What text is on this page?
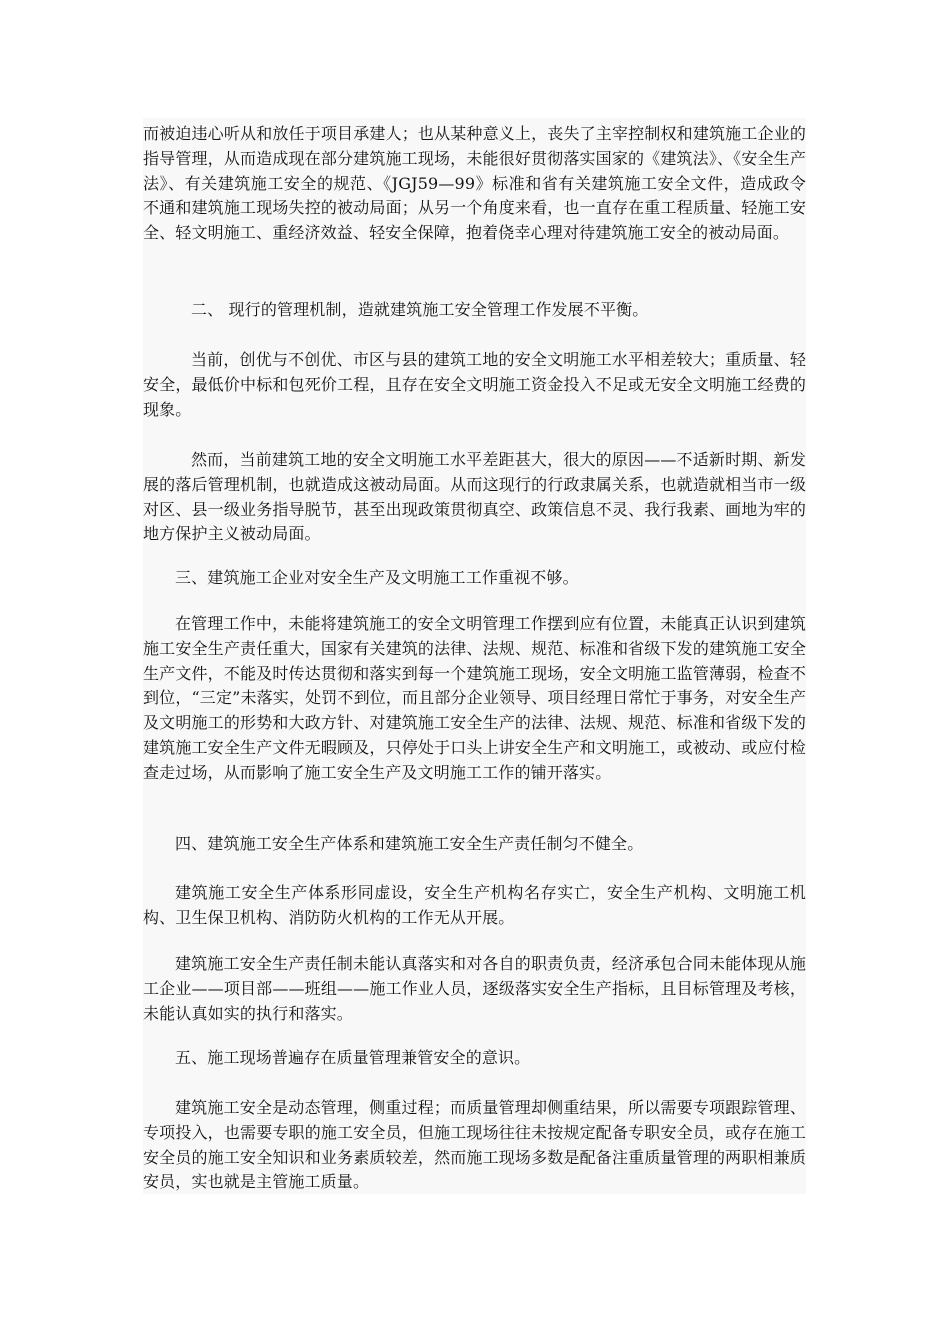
而被迫违心听从和放任于项目承建人；也从某种意义上，丧失了主宰控制权和建筑施工企业的指导管理，从而造成现在部分建筑施工现场，未能很好贯彻落实国家的《建筑法》、《安全生产法》、有关建筑施工安全的规范、《JGJ59—99》标准和省有关建筑施工安全文件，造成政令不通和建筑施工现场失控的被动局面；从另一个角度来看，也一直存在重工程质量、轻施工安全、轻文明施工、重经济效益、轻安全保障，抱着侥幸心理对待建筑施工安全的被动局面。

二、 现行的管理机制，造就建筑施工安全管理工作发展不平衡。

当前，创优与不创优、市区与县的建筑工地的安全文明施工水平相差较大；重质量、轻安全，最低价中标和包死价工程，且存在安全文明施工资金投入不足或无安全文明施工经费的现象。

然而，当前建筑工地的安全文明施工水平差距甚大，很大的原因——不适新时期、新发展的落后管理机制，也就造成这被动局面。从而这现行的行政隶属关系，也就造就相当市一级对区、县一级业务指导脱节，甚至出现政策贯彻真空、政策信息不灵、我行我素、画地为牢的地方保护主义被动局面。

三、建筑施工企业对安全生产及文明施工工作重视不够。

在管理工作中，未能将建筑施工的安全文明管理工作摆到应有位置，未能真正认识到建筑施工安全生产责任重大，国家有关建筑的法律、法规、规范、标准和省级下发的建筑施工安全生产文件，不能及时传达贯彻和落实到每一个建筑施工现场，安全文明施工监管薄弱，检查不到位，“三定”未落实，处罚不到位，而且部分企业领导、项目经理日常忙于事务，对安全生产及文明施工的形势和大政方针、对建筑施工安全生产的法律、法规、规范、标准和省级下发的建筑施工安全生产文件无暇顾及，只停处于口头上讲安全生产和文明施工，或被动、或应付检查走过场，从而影响了施工安全生产及文明施工工作的铺开落实。

四、建筑施工安全生产体系和建筑施工安全生产责任制匀不健全。

建筑施工安全生产体系形同虚设，安全生产机构名存实亡，安全生产机构、文明施工机构、卫生保卫机构、消防防火机构的工作无从开展。

建筑施工安全生产责任制未能认真落实和对各自的职责负责，经济承包合同未能体现从施工企业——项目部——班组——施工作业人员，逐级落实安全生产指标，且目标管理及考核，未能认真如实的执行和落实。

五、施工现场普遍存在质量管理兼管安全的意识。

建筑施工安全是动态管理，侧重过程；而质量管理却侧重结果，所以需要专项跟踪管理、专项投入，也需要专职的施工安全员，但施工现场往往未按规定配备专职安全员，或存在施工安全员的施工安全知识和业务素质较差，然而施工现场多数是配备注重质量管理的两职相兼质安员，实也就是主管施工质量。
